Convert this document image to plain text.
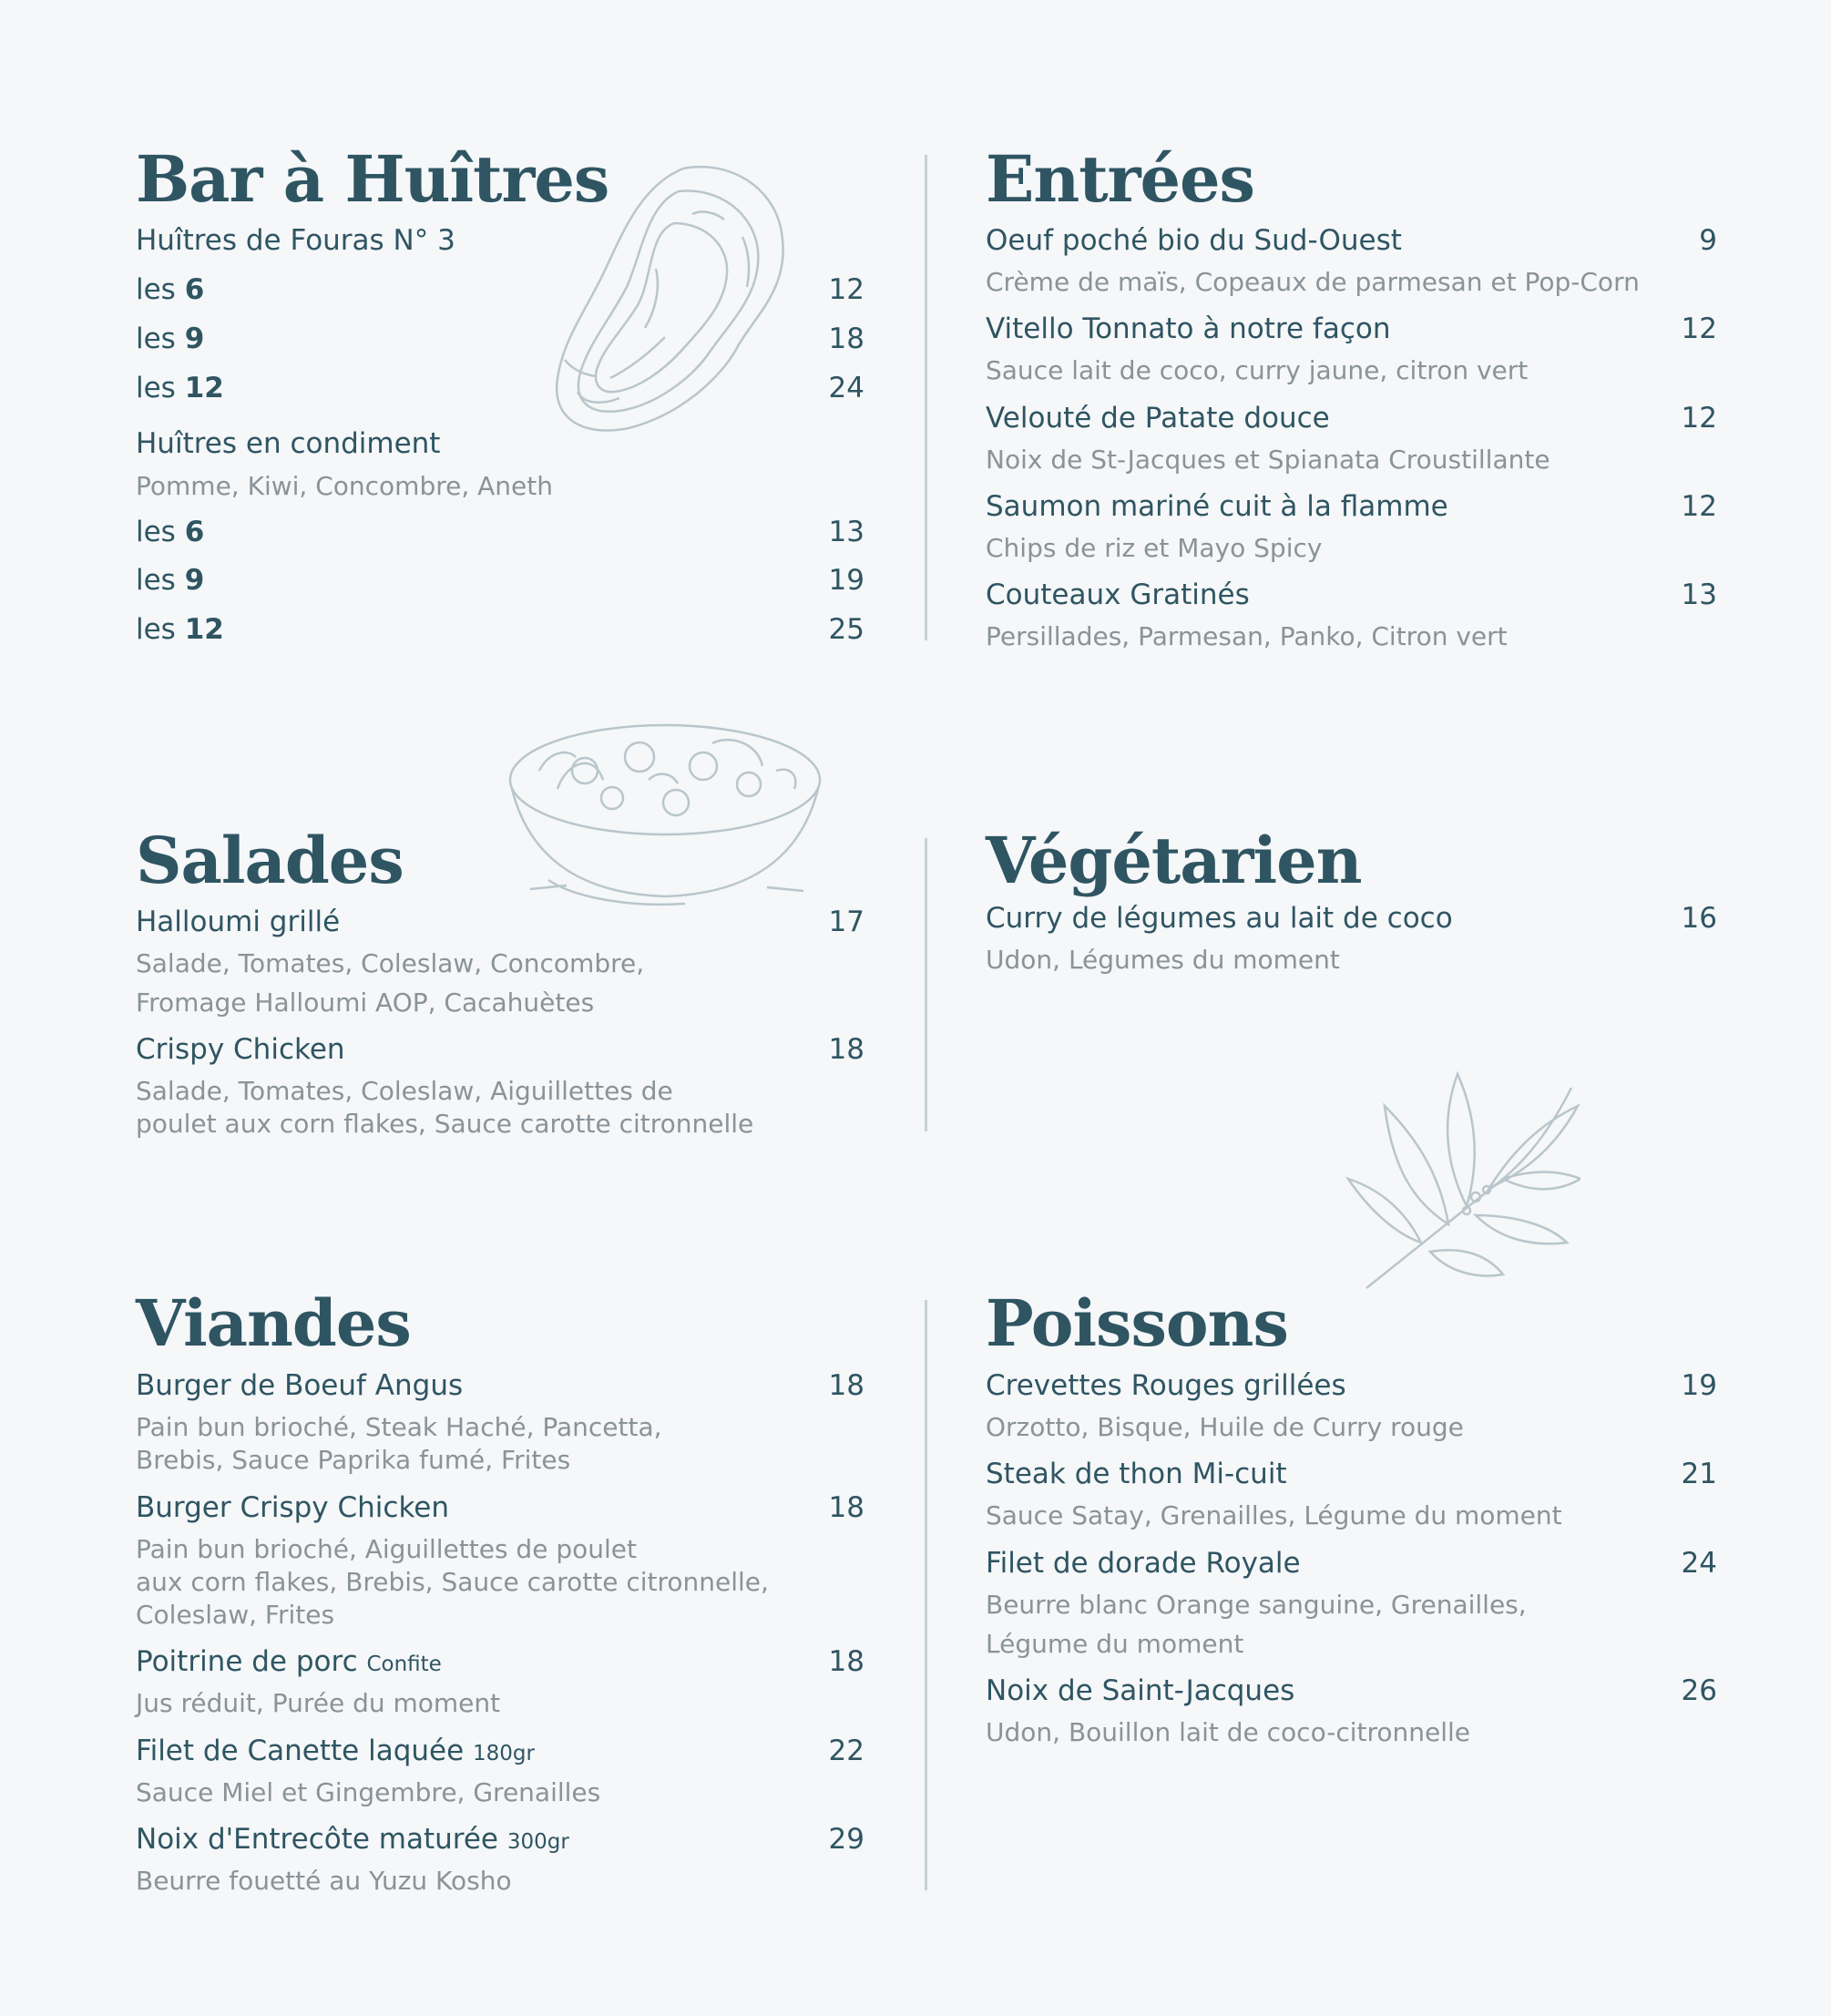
Bar à Huîtres
Huîtres de Fouras N° 3
les 6	12
les 9	18
les 12	24
Huîtres en condiment
Pomme, Kiwi, Concombre, Aneth
les 6	13
les 9	19
les 12	25
Entrées
Oeuf poché bio du Sud-Ouest	9
Crème de maïs, Copeaux de parmesan et Pop-Corn
Vitello Tonnato à notre façon	12
Sauce lait de coco, curry jaune, citron vert
Velouté de Patate douce	12
Noix de St-Jacques et Spianata Croustillante
Saumon mariné cuit à la flamme	12
Chips de riz et Mayo Spicy
Couteaux Gratinés	13
Persillades, Parmesan, Panko, Citron vert
Salades
Halloumi grillé	17
Salade, Tomates, Coleslaw, Concombre,
Fromage Halloumi AOP, Cacahuètes
Crispy Chicken	18
Salade, Tomates, Coleslaw, Aiguillettes de
poulet aux corn flakes, Sauce carotte citronnelle
Végétarien
Curry de légumes au lait de coco	16
Udon, Légumes du moment
Viandes
Burger de Boeuf Angus	18
Pain bun brioché, Steak Haché, Pancetta,
Brebis, Sauce Paprika fumé, Frites
Burger Crispy Chicken	18
Pain bun brioché, Aiguillettes de poulet
aux corn flakes, Brebis, Sauce carotte citronnelle,
Coleslaw, Frites
Poitrine de porc Confite	18
Jus réduit, Purée du moment
Filet de Canette laquée 180gr	22
Sauce Miel et Gingembre, Grenailles
Noix d'Entrecôte maturée 300gr	29
Beurre fouetté au Yuzu Kosho
Poissons
Crevettes Rouges grillées	19
Orzotto, Bisque, Huile de Curry rouge
Steak de thon Mi-cuit	21
Sauce Satay, Grenailles, Légume du moment
Filet de dorade Royale	24
Beurre blanc Orange sanguine, Grenailles,
Légume du moment
Noix de Saint-Jacques	26
Udon, Bouillon lait de coco-citronnelle
